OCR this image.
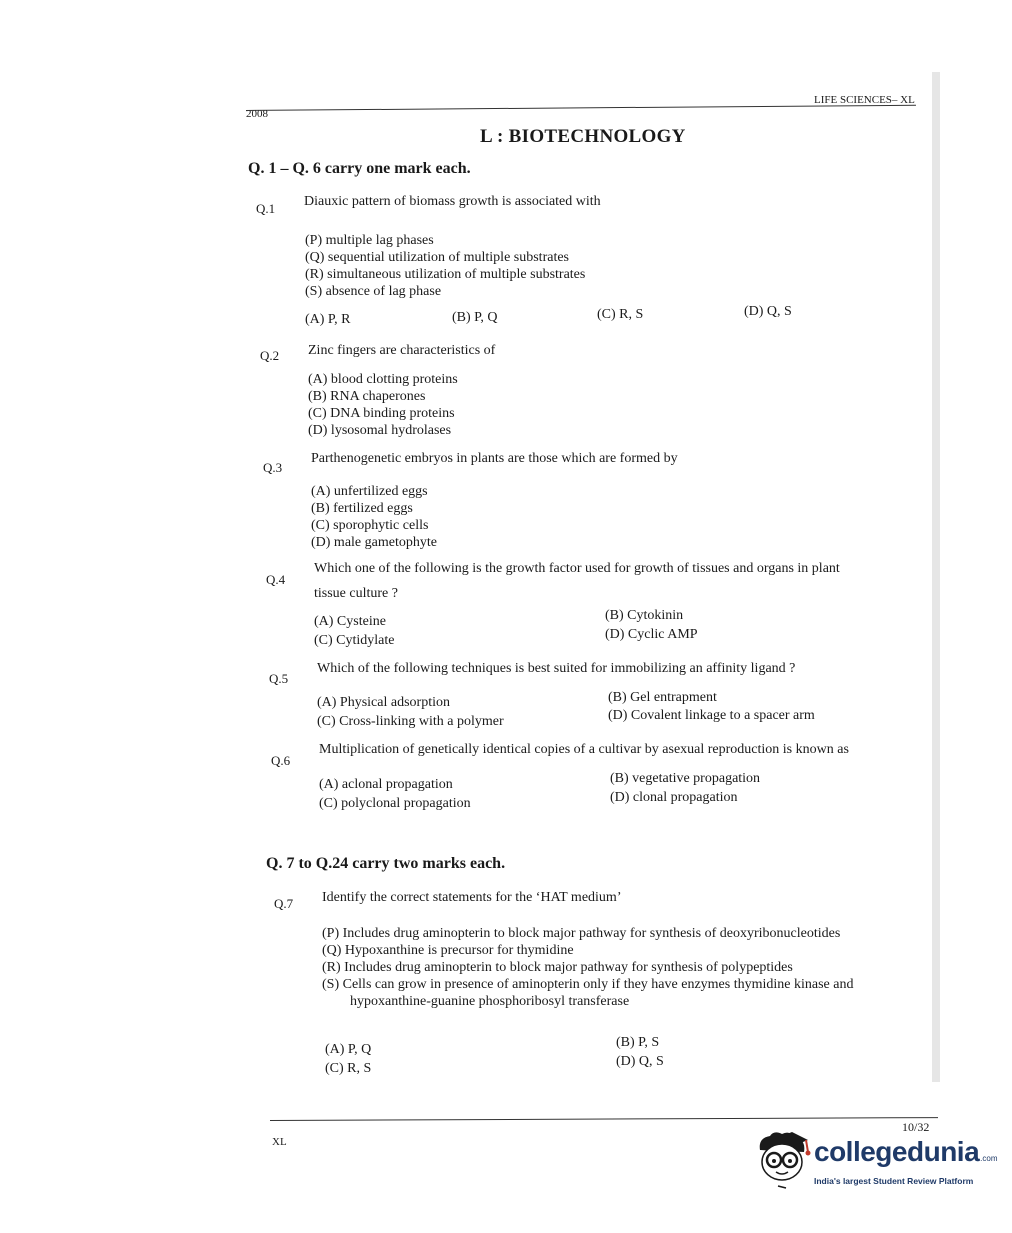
2008
LIFE SCIENCES– XL
L : BIOTECHNOLOGY
Q. 1 – Q. 6 carry one mark each.
Q.1 Diauxic pattern of biomass growth is associated with
(P) multiple lag phases
(Q) sequential utilization of multiple substrates
(R) simultaneous utilization of multiple substrates
(S) absence of lag phase
(A) P, R	(B) P, Q	(C) R, S	(D) Q, S
Q.2 Zinc fingers are characteristics of
(A) blood clotting proteins
(B) RNA chaperones
(C) DNA binding proteins
(D) lysosomal hydrolases
Q.3
Parthenogenetic embryos in plants are those which are formed by
(A) unfertilized eggs
(B) fertilized eggs
(C) sporophytic cells
(D) male gametophyte
Q.4
Which one of the following is the growth factor used for growth of tissues and organs in plant
tissue culture ?
(A) Cysteine	(B) Cytokinin
(C) Cytidylate	(D) Cyclic AMP
Q.5
Which of the following techniques is best suited for immobilizing an affinity ligand ?
(A) Physical adsorption	(B) Gel entrapment
(C) Cross-linking with a polymer	(D) Covalent linkage to a spacer arm
Q.6
Multiplication of genetically identical copies of a cultivar by asexual reproduction is known as
(A) aclonal propagation	(B) vegetative propagation
(C) polyclonal propagation	(D) clonal propagation
Q. 7 to Q.24 carry two marks each.
Q.7 Identify the correct statements for the ‘HAT medium’
(P) Includes drug aminopterin to block major pathway for synthesis of deoxyribonucleotides
(Q) Hypoxanthine is precursor for thymidine
(R) Includes drug aminopterin to block major pathway for synthesis of polypeptides
(S) Cells can grow in presence of aminopterin only if they have enzymes thymidine kinase and
hypoxanthine-guanine phosphoribosyl transferase
(A) P, Q	(B) P, S
(C) R, S	(D) Q, S
10/32
XL	collegedunia.com
India's largest Student Review Platform
